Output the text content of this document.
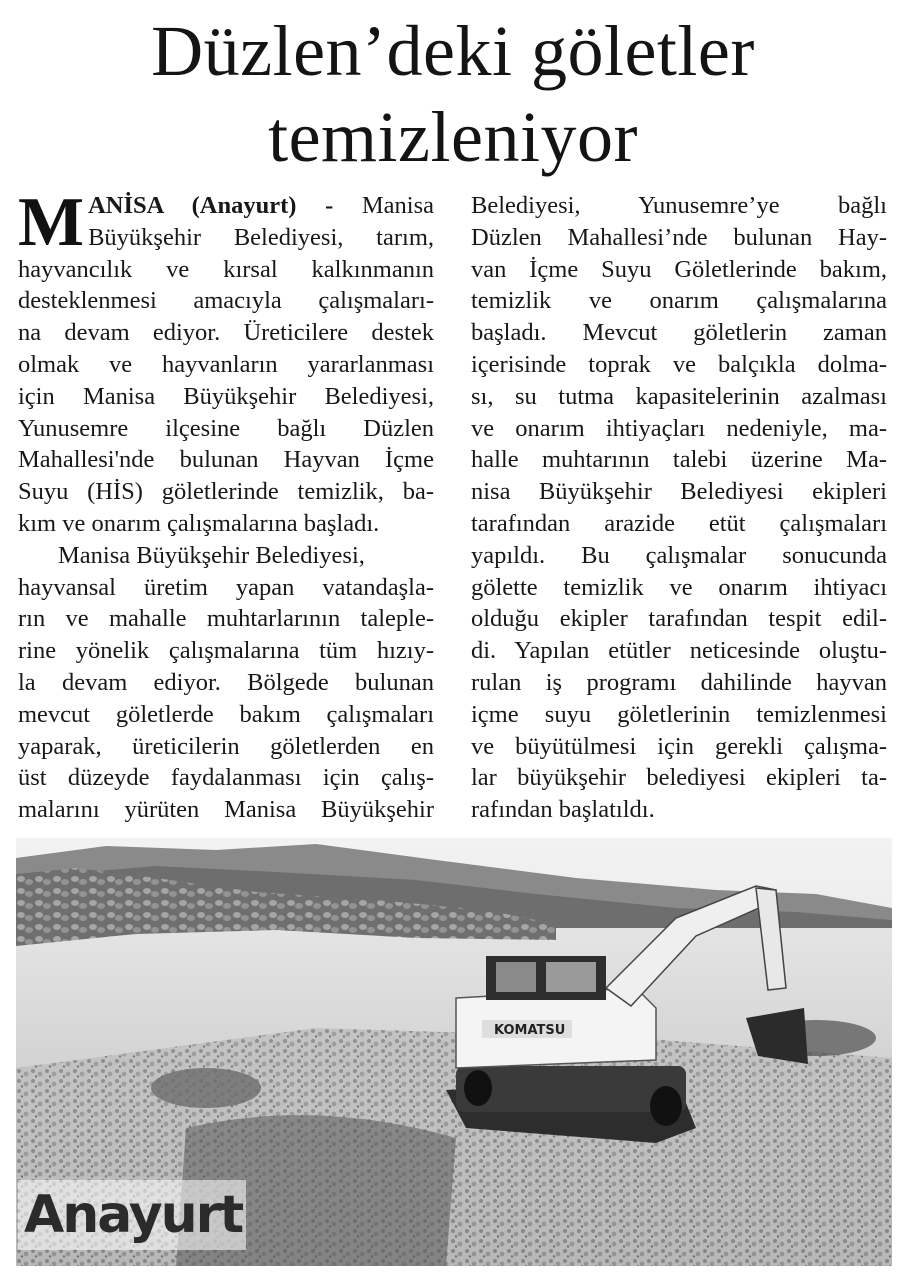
Düzlen’deki göletler
temizleniyor

M ANİSA (Anayurt) - Manisa
Büyükşehir Belediyesi, tarım,
hayvancılık ve kırsal kalkınmanın
desteklenmesi amacıyla çalışmaları-
na devam ediyor. Üreticilere destek
olmak ve hayvanların yararlanması
için Manisa Büyükşehir Belediyesi,
Yunusemre ilçesine bağlı Düzlen
Mahallesi'nde bulunan Hayvan İçme
Suyu (HİS) göletlerinde temizlik, ba-
kım ve onarım çalışmalarına başladı.

Manisa Büyükşehir Belediyesi,
hayvansal üretim yapan vatandaşla-
rın ve mahalle muhtarlarının taleple-
rine yönelik çalışmalarına tüm hızıy-
la devam ediyor. Bölgede bulunan
mevcut göletlerde bakım çalışmaları
yaparak, üreticilerin göletlerden en
üst düzeyde faydalanması için çalış-
malarını yürüten Manisa Büyükşehir

Belediyesi, Yunusemre’ye bağlı
Düzlen Mahallesi’nde bulunan Hay-
van İçme Suyu Göletlerinde bakım,
temizlik ve onarım çalışmalarına
başladı. Mevcut göletlerin zaman
içerisinde toprak ve balçıkla dolma-
sı, su tutma kapasitelerinin azalması
ve onarım ihtiyaçları nedeniyle, ma-
halle muhtarının talebi üzerine Ma-
nisa Büyükşehir Belediyesi ekipleri
tarafından arazide etüt çalışmaları
yapıldı. Bu çalışmalar sonucunda
gölette temizlik ve onarım ihtiyacı
olduğu ekipler tarafından tespit edil-
di. Yapılan etütler neticesinde oluştu-
rulan iş programı dahilinde hayvan
içme suyu göletlerinin temizlenmesi
ve büyütülmesi için gerekli çalışma-
lar büyükşehir belediyesi ekipleri ta-
rafından başlatıldı.

KOMATSU
Anayurt
